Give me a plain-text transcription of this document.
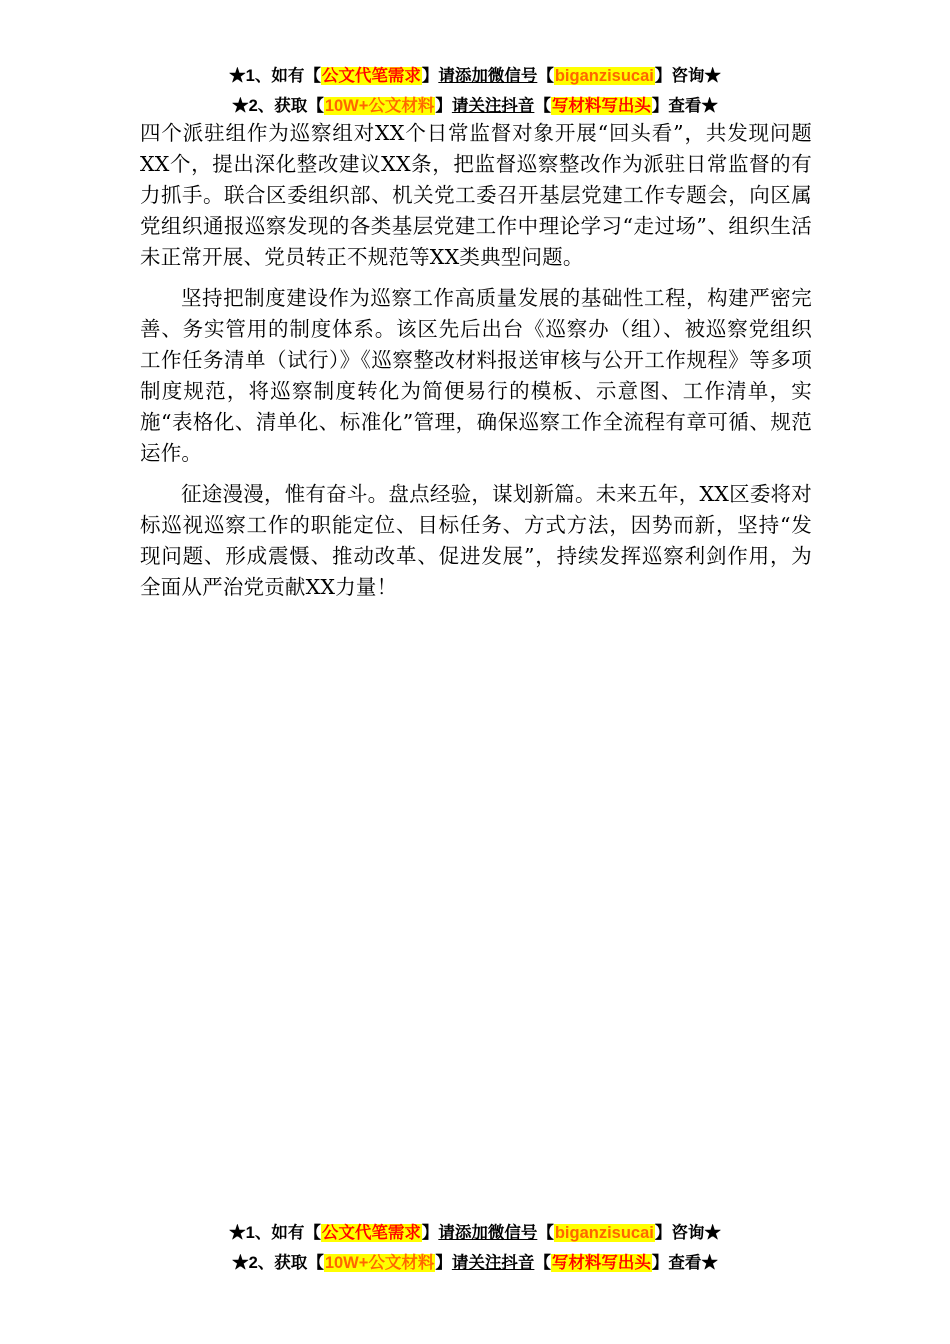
★1、如有【公文代笔需求】请添加微信号【biganzisucai】咨询★
★2、获取【10W+公文材料】请关注抖音【写材料写出头】查看★

四个派驻组作为巡察组对XX个日常监督对象开展“回头看”，共发现问题XX个，提出深化整改建议XX条，把监督巡察整改作为派驻日常监督的有力抓手。联合区委组织部、机关党工委召开基层党建工作专题会，向区属党组织通报巡察发现的各类基层党建工作中理论学习“走过场”、组织生活未正常开展、党员转正不规范等XX类典型问题。

坚持把制度建设作为巡察工作高质量发展的基础性工程，构建严密完善、务实管用的制度体系。该区先后出台《巡察办（组）、被巡察党组织工作任务清单（试行）》《巡察整改材料报送审核与公开工作规程》等多项制度规范，将巡察制度转化为简便易行的模板、示意图、工作清单，实施“表格化、清单化、标准化”管理，确保巡察工作全流程有章可循、规范运作。

征途漫漫，惟有奋斗。盘点经验，谋划新篇。未来五年，XX区委将对标巡视巡察工作的职能定位、目标任务、方式方法，因势而新，坚持“发现问题、形成震慑、推动改革、促进发展”，持续发挥巡察利剑作用，为全面从严治党贡献XX力量！

★1、如有【公文代笔需求】请添加微信号【biganzisucai】咨询★
★2、获取【10W+公文材料】请关注抖音【写材料写出头】查看★
